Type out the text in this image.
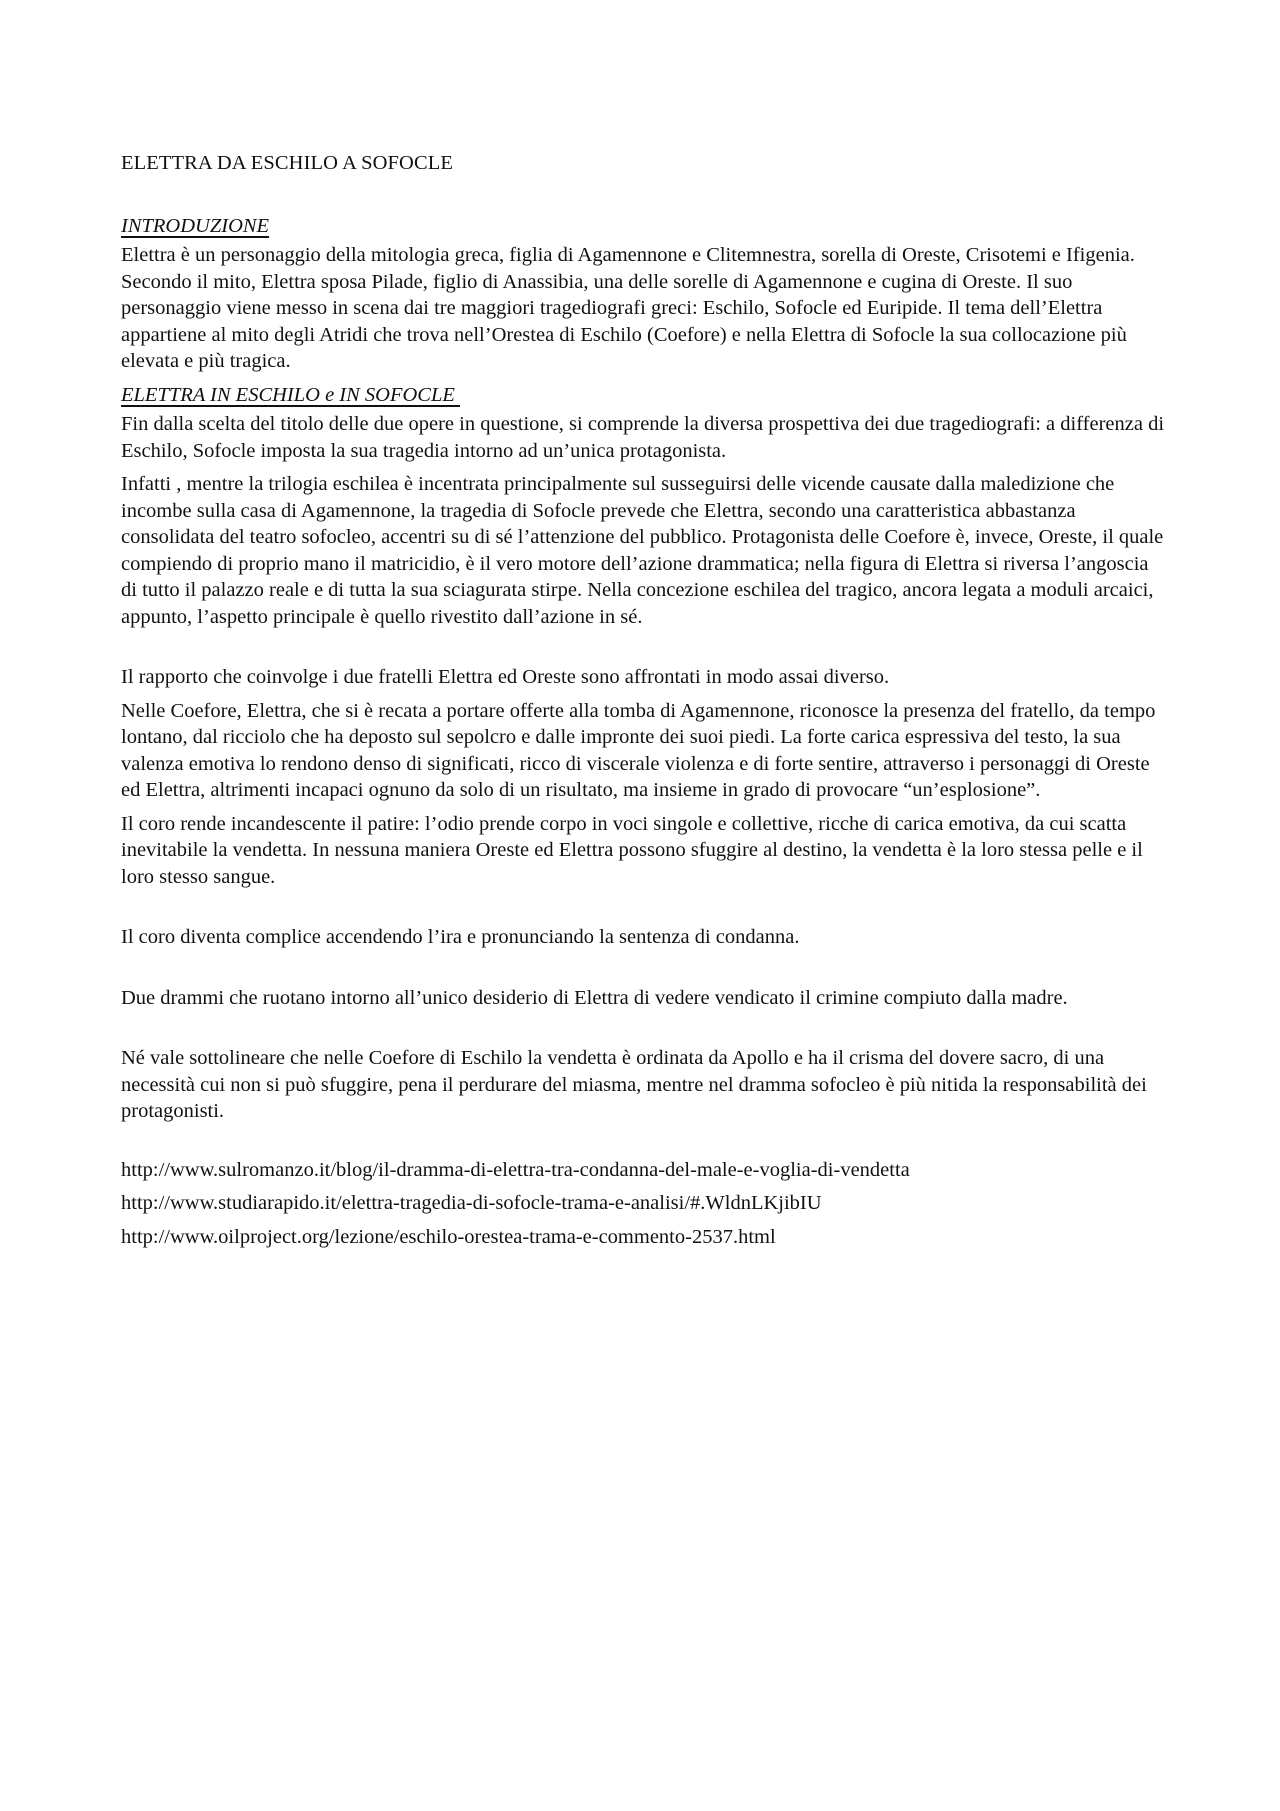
ELETTRA DA ESCHILO A SOFOCLE
INTRODUZIONE

Elettra è un personaggio della mitologia greca, figlia di Agamennone e Clitemnestra, sorella di Oreste, Crisotemi e Ifigenia. Secondo il mito, Elettra sposa Pilade, figlio di Anassibia, una delle sorelle di Agamennone e cugina di Oreste. Il suo personaggio viene messo in scena dai tre maggiori tragediografi greci: Eschilo, Sofocle ed Euripide. Il tema dell’Elettra appartiene al mito degli Atridi che trova nell’Orestea di Eschilo (Coefore) e nella Elettra di Sofocle la sua collocazione più elevata e più tragica.

ELETTRA IN ESCHILO e IN SOFOCLE

Fin dalla scelta del titolo delle due opere in questione, si comprende la diversa prospettiva dei due tragediografi: a differenza di Eschilo, Sofocle imposta la sua tragedia intorno ad un’unica protagonista.

Infatti , mentre la trilogia eschilea è incentrata principalmente sul susseguirsi delle vicende causate dalla maledizione che incombe sulla casa di Agamennone, la tragedia di Sofocle prevede che Elettra, secondo una caratteristica abbastanza consolidata del teatro sofocleo, accentri su di sé l’attenzione del pubblico. Protagonista delle Coefore è, invece, Oreste, il quale compiendo di proprio mano il matricidio, è il vero motore dell’azione drammatica; nella figura di Elettra si riversa l’angoscia di tutto il palazzo reale e di tutta la sua sciagurata stirpe. Nella concezione eschilea del tragico, ancora legata a moduli arcaici, appunto, l’aspetto principale è quello rivestito dall’azione in sé.

Il rapporto che coinvolge i due fratelli Elettra ed Oreste sono affrontati in modo assai diverso.

Nelle Coefore, Elettra, che si è recata a portare offerte alla tomba di Agamennone, riconosce la presenza del fratello, da tempo lontano, dal ricciolo che ha deposto sul sepolcro e dalle impronte dei suoi piedi. La forte carica espressiva del testo, la sua valenza emotiva lo rendono denso di significati, ricco di viscerale violenza e di forte sentire, attraverso i personaggi di Oreste ed Elettra, altrimenti incapaci ognuno da solo di un risultato, ma insieme in grado di provocare “un’esplosione”.

Il coro rende incandescente il patire: l’odio prende corpo in voci singole e collettive, ricche di carica emotiva, da cui scatta inevitabile la vendetta. In nessuna maniera Oreste ed Elettra possono sfuggire al destino, la vendetta è la loro stessa pelle e il loro stesso sangue.

Il coro diventa complice accendendo l’ira e pronunciando la sentenza di condanna.

Due drammi che ruotano intorno all’unico desiderio di Elettra di vedere vendicato il crimine compiuto dalla madre.

Né vale sottolineare che nelle Coefore di Eschilo la vendetta è ordinata da Apollo e ha il crisma del dovere sacro, di una necessità cui non si può sfuggire, pena il perdurare del miasma, mentre nel dramma sofocleo è più nitida la responsabilità dei protagonisti.

http://www.sulromanzo.it/blog/il-dramma-di-elettra-tra-condanna-del-male-e-voglia-di-vendetta
http://www.studiarapido.it/elettra-tragedia-di-sofocle-trama-e-analisi/#.WldnLKjibIU
http://www.oilproject.org/lezione/eschilo-orestea-trama-e-commento-2537.html
